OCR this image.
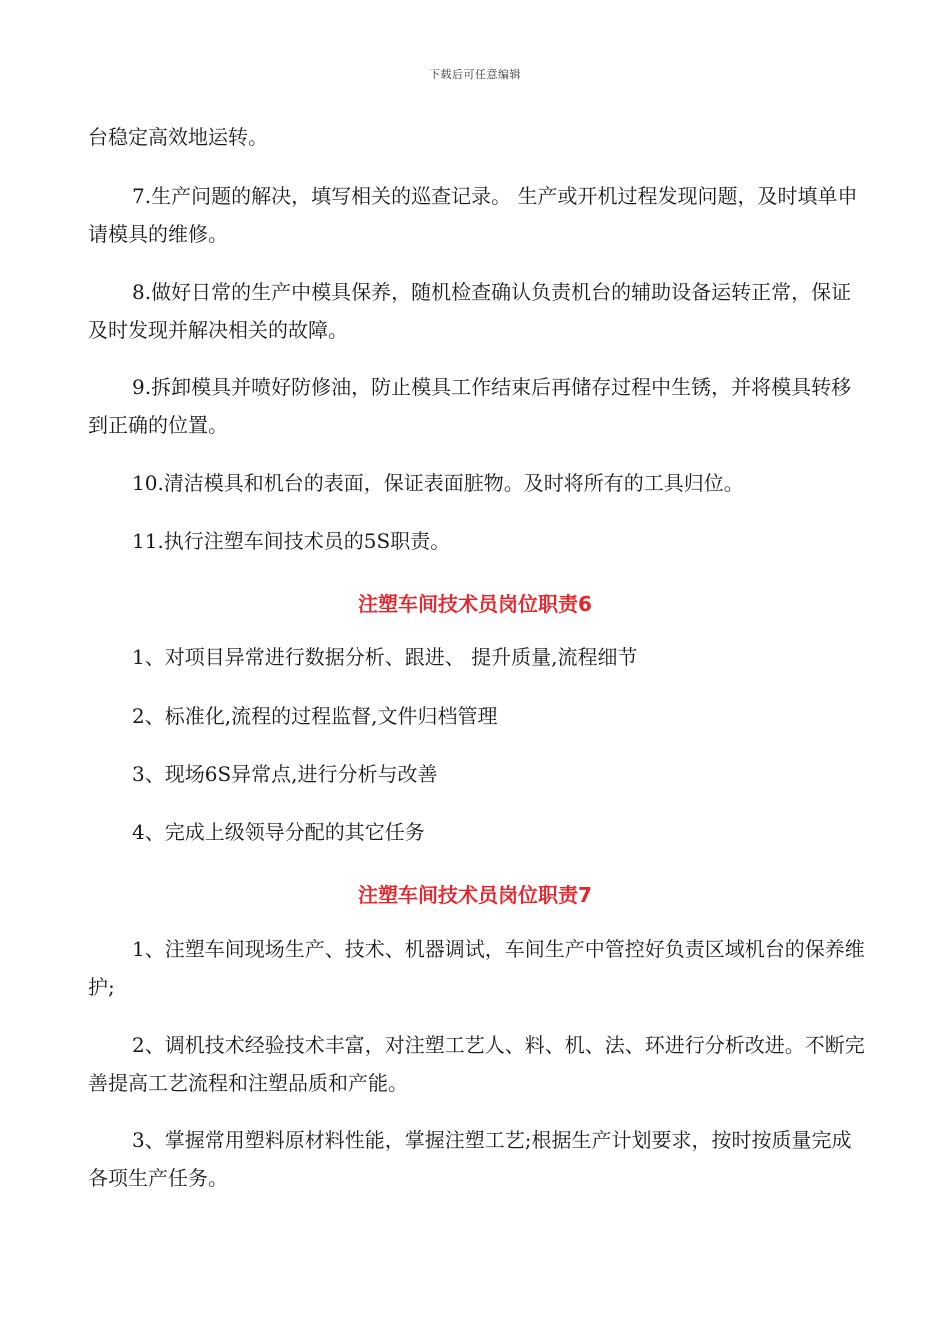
下载后可任意编辑

台稳定高效地运转。

7.生产问题的解决，填写相关的巡查记录。 生产或开机过程发现问题，及时填单申请模具的维修。

8.做好日常的生产中模具保养，随机检查确认负责机台的辅助设备运转正常，保证及时发现并解决相关的故障。

9.拆卸模具并喷好防修油，防止模具工作结束后再储存过程中生锈，并将模具转移到正确的位置。

10.清洁模具和机台的表面，保证表面脏物。及时将所有的工具归位。

11.执行注塑车间技术员的5S职责。

注塑车间技术员岗位职责6

1、对项目异常进行数据分析、跟进、 提升质量,流程细节

2、标准化,流程的过程监督,文件归档管理

3、现场6S异常点,进行分析与改善

4、完成上级领导分配的其它任务

注塑车间技术员岗位职责7

1、注塑车间现场生产、技术、机器调试，车间生产中管控好负责区域机台的保养维护;

2、调机技术经验技术丰富，对注塑工艺人、料、机、法、环进行分析改进。不断完善提高工艺流程和注塑品质和产能。

3、掌握常用塑料原材料性能，掌握注塑工艺;根据生产计划要求，按时按质量完成各项生产任务。
